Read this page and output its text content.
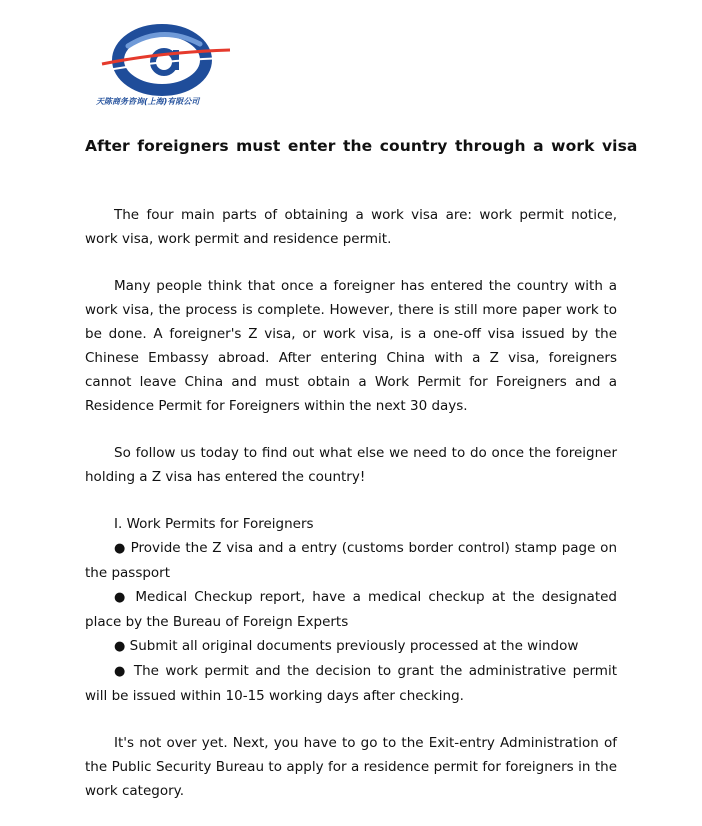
天陈商务咨询(上海)有限公司
After foreigners must enter the country through a work visa

The four main parts of obtaining a work visa are: work permit notice, work visa, work permit and residence permit.

Many people think that once a foreigner has entered the country with a work visa, the process is complete. However, there is still more paper work to be done. A foreigner's Z visa, or work visa, is a one-off visa issued by the Chinese Embassy abroad. After entering China with a Z visa, foreigners cannot leave China and must obtain a Work Permit for Foreigners and a Residence Permit for Foreigners within the next 30 days.

So follow us today to find out what else we need to do once the foreigner holding a Z visa has entered the country!

I. Work Permits for Foreigners

● Provide the Z visa and a entry (customs border control) stamp page on the passport

● Medical Checkup report, have a medical checkup at the designated place by the Bureau of Foreign Experts

● Submit all original documents previously processed at the window

● The work permit and the decision to grant the administrative permit will be issued within 10-15 working days after checking.

It's not over yet. Next, you have to go to the Exit-entry Administration of the Public Security Bureau to apply for a residence permit for foreigners in the work category.
